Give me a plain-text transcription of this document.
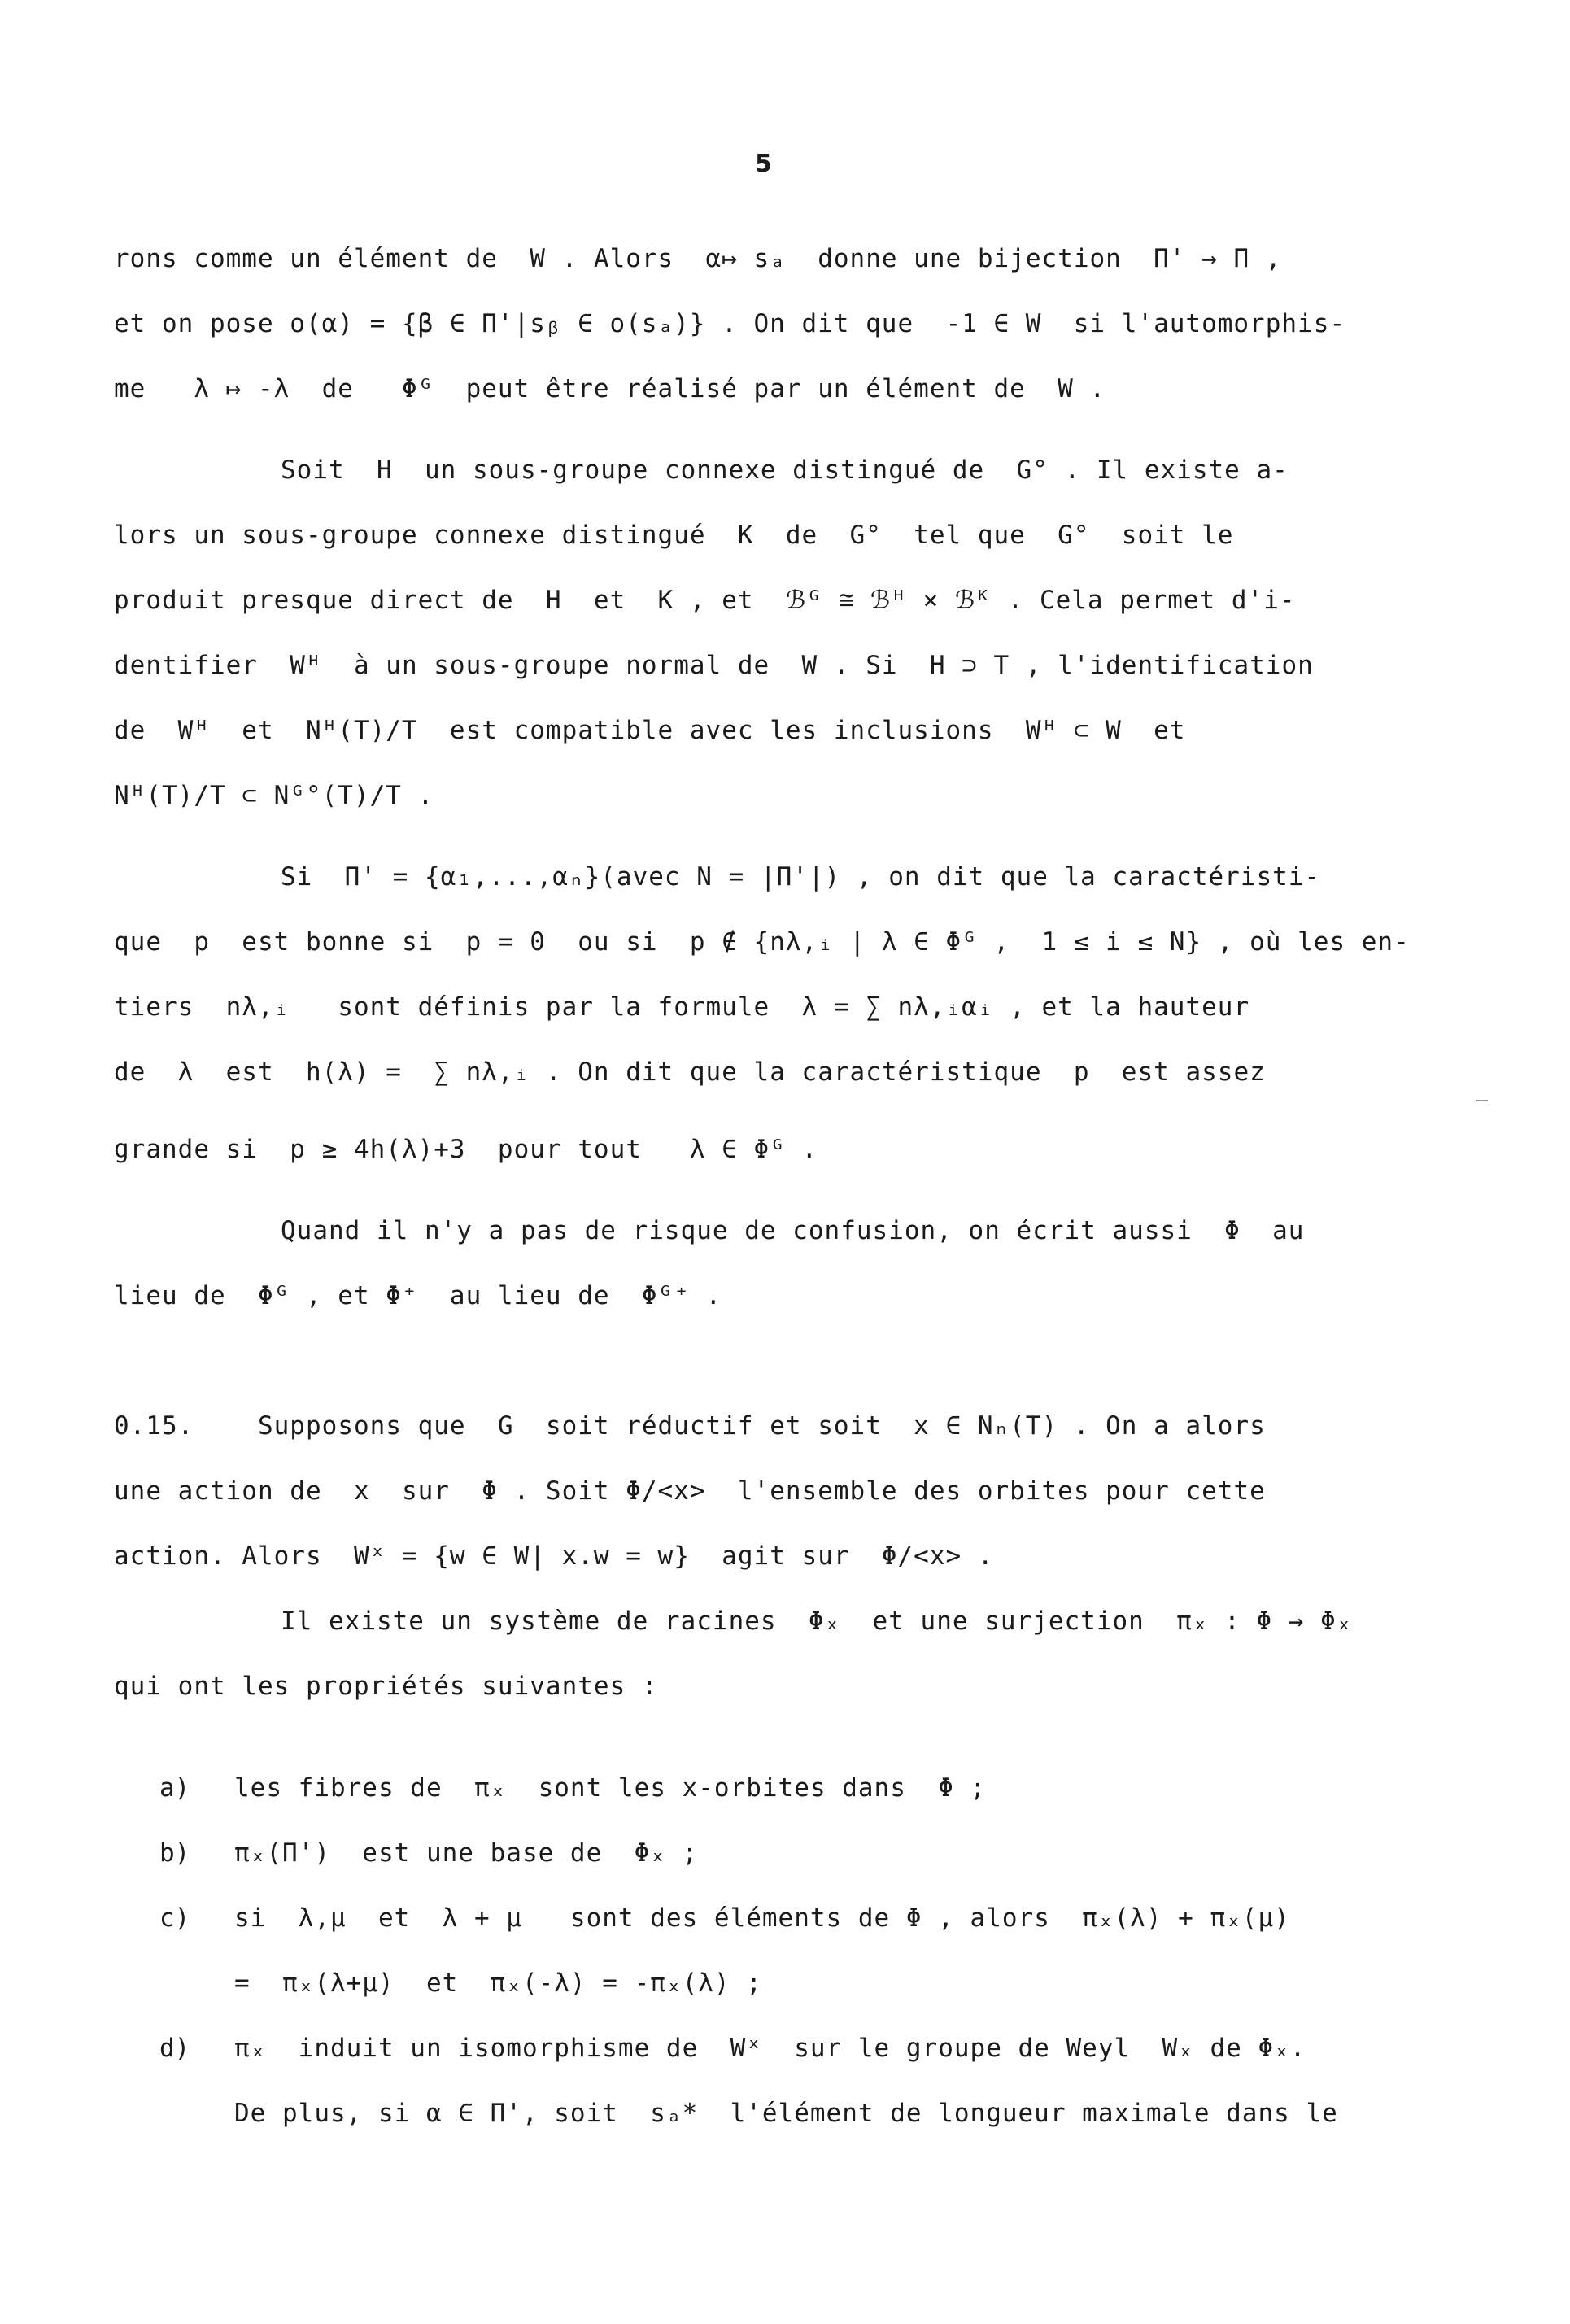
5
rons comme un élément de  W . Alors  α↦ sₐ  donne une bijection  Π' → Π ,
et on pose o(α) = {β ∈ Π'|sᵦ ∈ o(sₐ)} . On dit que  -1 ∈ W  si l'automorphis-
me   λ ↦ -λ  de   Φᴳ  peut être réalisé par un élément de  W .
Soit  H  un sous-groupe connexe distingué de  G° . Il existe a-
lors un sous-groupe connexe distingué  K  de  G°  tel que  G°  soit le
produit presque direct de  H  et  K , et  ℬᴳ ≅ ℬᴴ × ℬᴷ . Cela permet d'i-
dentifier  Wᴴ  à un sous-groupe normal de  W . Si  H ⊃ T , l'identification
de  Wᴴ  et  Nᴴ(T)/T  est compatible avec les inclusions  Wᴴ ⊂ W  et
Nᴴ(T)/T ⊂ Nᴳ°(T)/T .
Si  Π' = {α₁,...,αₙ}(avec N = |Π'|) , on dit que la caractéristi-
que  p  est bonne si  p = 0  ou si  p ∉ {nλ,ᵢ | λ ∈ Φᴳ ,  1 ≤ i ≤ N} , où les en-
tiers  nλ,ᵢ   sont définis par la formule  λ = ∑ nλ,ᵢαᵢ , et la hauteur
de  λ  est  h(λ) =  ∑ nλ,ᵢ . On dit que la caractéristique  p  est assez
grande si  p ≥ 4h(λ)+3  pour tout   λ ∈ Φᴳ .
Quand il n'y a pas de risque de confusion, on écrit aussi  Φ  au
lieu de  Φᴳ , et Φ⁺  au lieu de  Φᴳ⁺ .
0.15.    Supposons que  G  soit réductif et soit  x ∈ Nₙ(T) . On a alors
une action de  x  sur  Φ . Soit Φ/<x>  l'ensemble des orbites pour cette
action. Alors  Wˣ = {w ∈ W| x.w = w}  agit sur  Φ/<x> .
Il existe un système de racines  Φₓ  et une surjection  πₓ : Φ → Φₓ
qui ont les propriétés suivantes :
a) les fibres de  πₓ  sont les x-orbites dans  Φ ;
b) πₓ(Π')  est une base de  Φₓ ;
c) si  λ,μ  et  λ + μ   sont des éléments de Φ , alors  πₓ(λ) + πₓ(μ)
=  πₓ(λ+μ)  et  πₓ(-λ) = -πₓ(λ) ;
d) πₓ  induit un isomorphisme de  Wˣ  sur le groupe de Weyl  Wₓ de Φₓ.
De plus, si α ∈ Π', soit  sₐ*  l'élément de longueur maximale dans le
